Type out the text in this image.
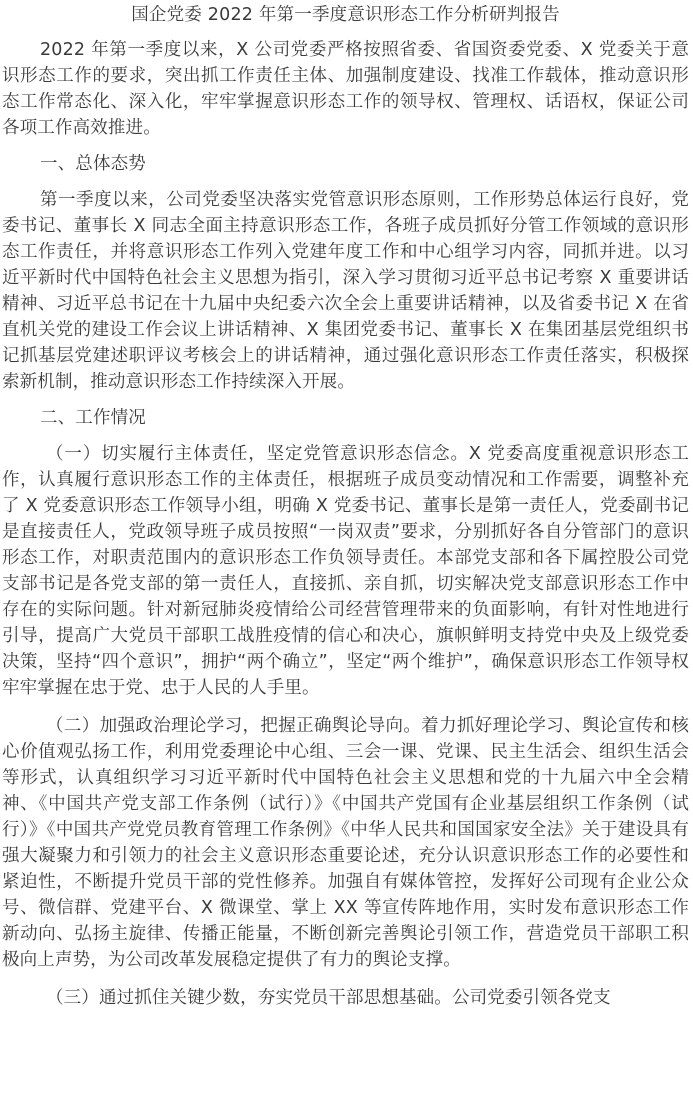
国企党委 2022 年第一季度意识形态工作分析研判报告

2022 年第一季度以来，X 公司党委严格按照省委、省国资委党委、X 党委关于意识形态工作的要求，突出抓工作责任主体、加强制度建设、找准工作载体，推动意识形态工作常态化、深入化，牢牢掌握意识形态工作的领导权、管理权、话语权，保证公司各项工作高效推进。

一、总体态势

第一季度以来，公司党委坚决落实党管意识形态原则，工作形势总体运行良好，党委书记、董事长 X 同志全面主持意识形态工作，各班子成员抓好分管工作领域的意识形态工作责任，并将意识形态工作列入党建年度工作和中心组学习内容，同抓并进。以习近平新时代中国特色社会主义思想为指引，深入学习贯彻习近平总书记考察 X 重要讲话精神、习近平总书记在十九届中央纪委六次全会上重要讲话精神，以及省委书记 X 在省直机关党的建设工作会议上讲话精神、X 集团党委书记、董事长 X 在集团基层党组织书记抓基层党建述职评议考核会上的讲话精神，通过强化意识形态工作责任落实，积极探索新机制，推动意识形态工作持续深入开展。

二、工作情况

（一）切实履行主体责任，坚定党管意识形态信念。X 党委高度重视意识形态工作，认真履行意识形态工作的主体责任，根据班子成员变动情况和工作需要，调整补充了 X 党委意识形态工作领导小组，明确 X 党委书记、董事长是第一责任人，党委副书记是直接责任人，党政领导班子成员按照“一岗双责”要求，分别抓好各自分管部门的意识形态工作，对职责范围内的意识形态工作负领导责任。本部党支部和各下属控股公司党支部书记是各党支部的第一责任人，直接抓、亲自抓，切实解决党支部意识形态工作中存在的实际问题。针对新冠肺炎疫情给公司经营管理带来的负面影响，有针对性地进行引导，提高广大党员干部职工战胜疫情的信心和决心，旗帜鲜明支持党中央及上级党委决策，坚持“四个意识”，拥护“两个确立”，坚定“两个维护”，确保意识形态工作领导权牢牢掌握在忠于党、忠于人民的人手里。

（二）加强政治理论学习，把握正确舆论导向。着力抓好理论学习、舆论宣传和核心价值观弘扬工作，利用党委理论中心组、三会一课、党课、民主生活会、组织生活会等形式，认真组织学习习近平新时代中国特色社会主义思想和党的十九届六中全会精神、《中国共产党支部工作条例（试行）》《中国共产党国有企业基层组织工作条例（试行）》《中国共产党党员教育管理工作条例》《中华人民共和国国家安全法》关于建设具有强大凝聚力和引领力的社会主义意识形态重要论述，充分认识意识形态工作的必要性和紧迫性，不断提升党员干部的党性修养。加强自有媒体管控，发挥好公司现有企业公众号、微信群、党建平台、X 微课堂、掌上 XX 等宣传阵地作用，实时发布意识形态工作新动向、弘扬主旋律、传播正能量，不断创新完善舆论引领工作，营造党员干部职工积极向上声势，为公司改革发展稳定提供了有力的舆论支撑。

（三）通过抓住关键少数，夯实党员干部思想基础。公司党委引领各党支
